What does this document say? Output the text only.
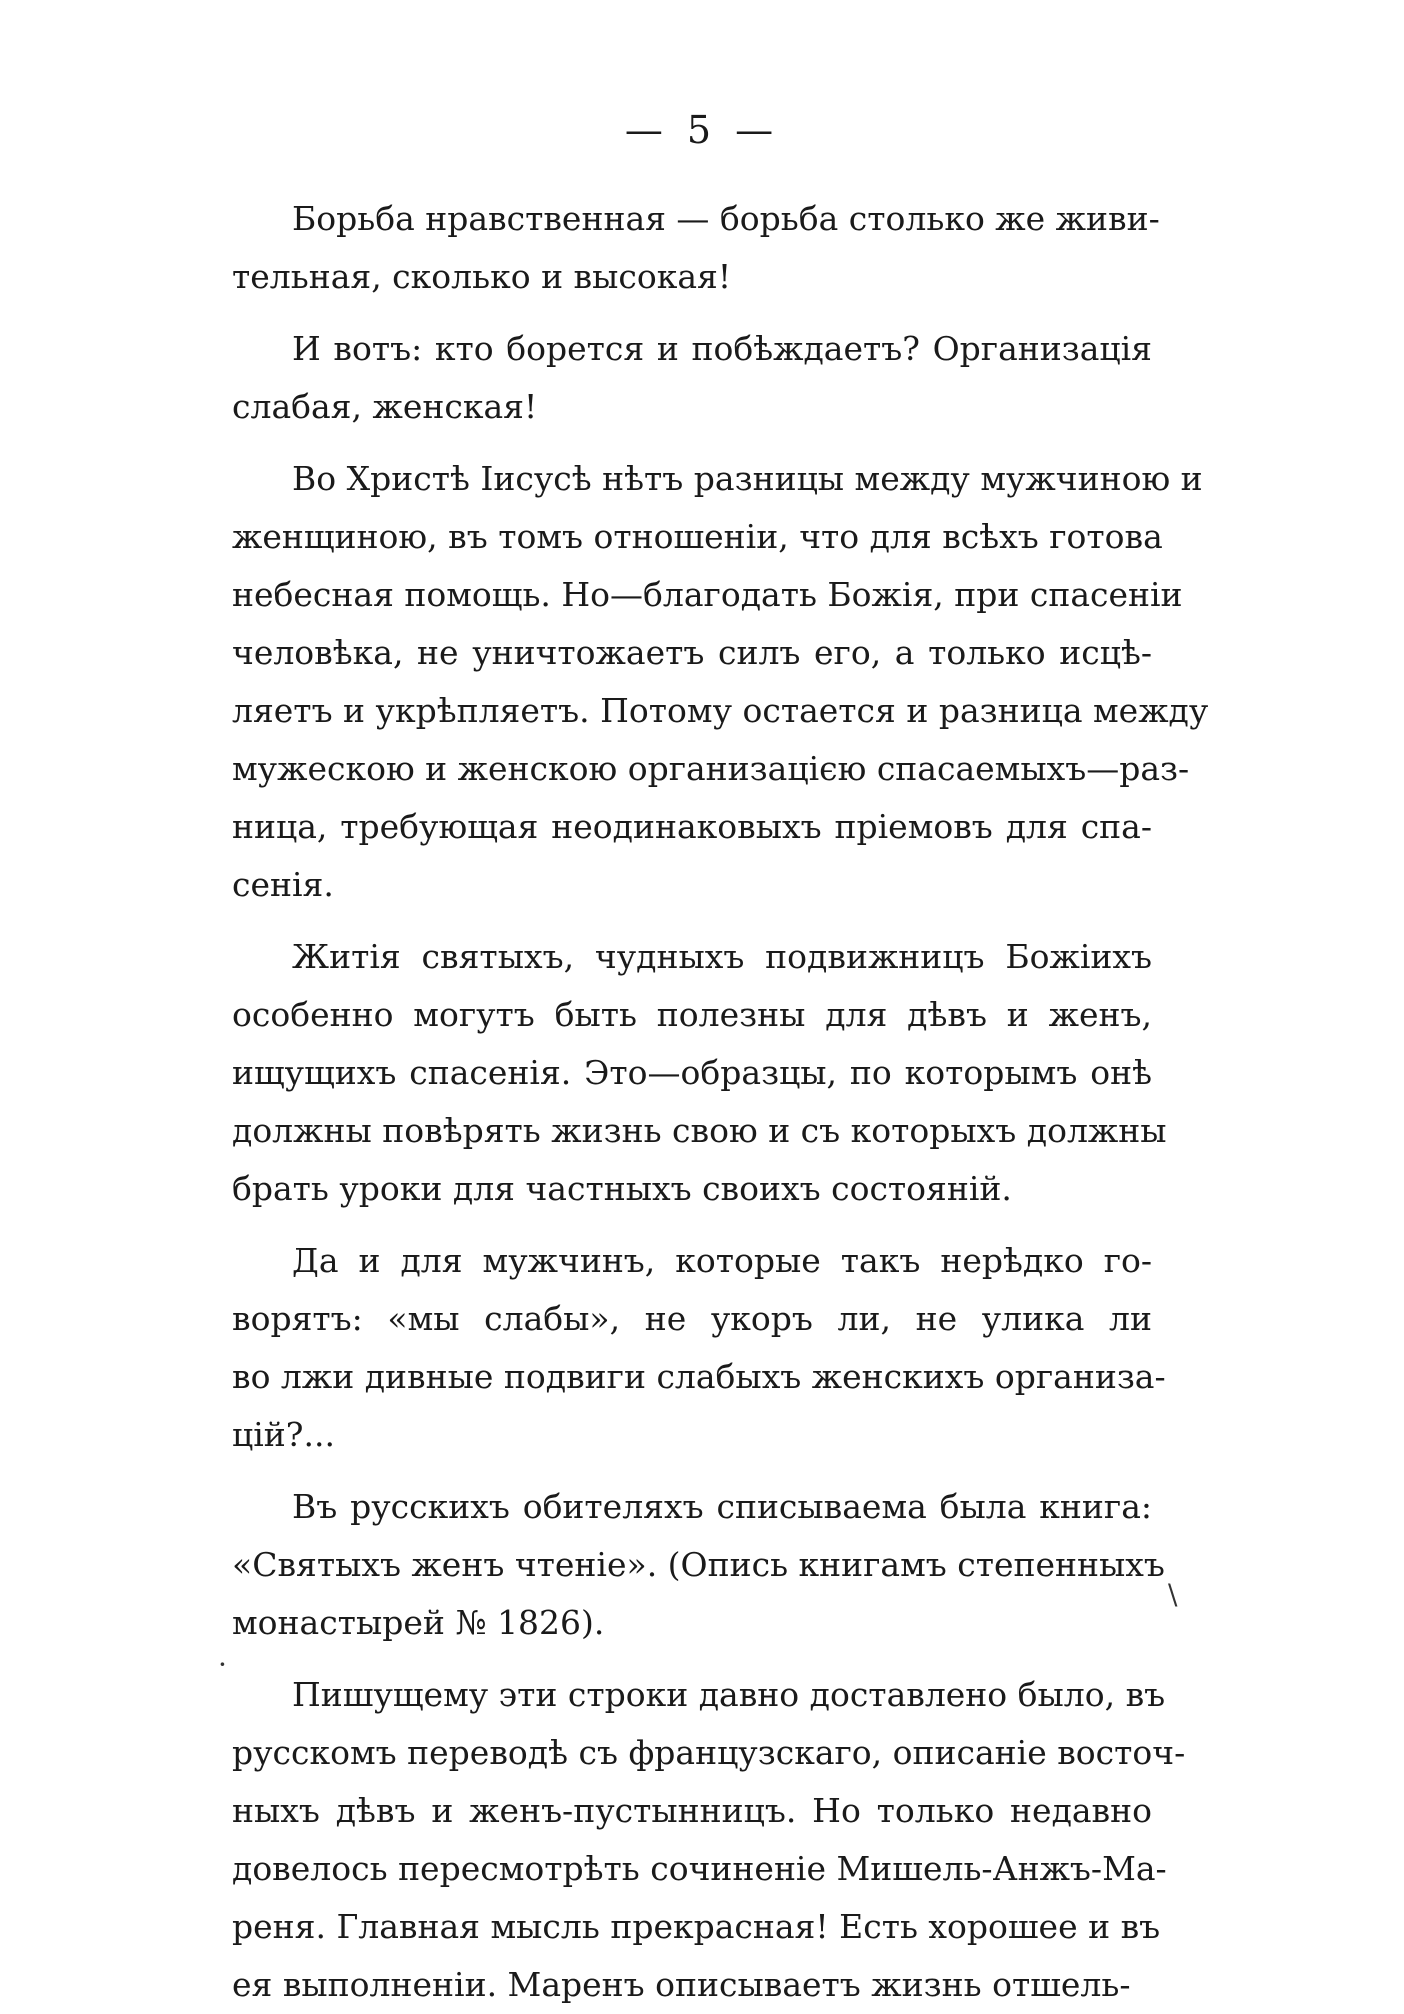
— 5 —
Борьба нравственная — борьба столько же живи-
тельная, сколько и высокая!
И вотъ: кто борется и побѣждаетъ? Организація
слабая, женская!
Во Христѣ Іисусѣ нѣтъ разницы между мужчиною и
женщиною, въ томъ отношеніи, что для всѣхъ готова
небесная помощь. Но—благодать Божія, при спасеніи
человѣка, не уничтожаетъ силъ его, а только исцѣ-
ляетъ и укрѣпляетъ. Потому остается и разница между
мужескою и женскою организацією спасаемыхъ—раз-
ница, требующая неодинаковыхъ пріемовъ для спа-
сенія.
Житія святыхъ, чудныхъ подвижницъ Божіихъ
особенно могутъ быть полезны для дѣвъ и женъ,
ищущихъ спасенія. Это—образцы, по которымъ онѣ
должны повѣрять жизнь свою и съ которыхъ должны
брать уроки для частныхъ своихъ состояній.
Да и для мужчинъ, которые такъ нерѣдко го-
ворятъ: «мы слабы», не укоръ ли, не улика ли
во лжи дивные подвиги слабыхъ женскихъ организа-
цій?...
Въ русскихъ обителяхъ списываема была книга:
«Святыхъ женъ чтеніе». (Опись книгамъ степенныхъ
монастырей № 1826).
Пишущему эти строки давно доставлено было, въ
русскомъ переводѣ съ французскаго, описаніе восточ-
ныхъ дѣвъ и женъ-пустынницъ. Но только недавно
довелось пересмотрѣть сочиненіе Мишель-Анжъ-Ма-
реня. Главная мысль прекрасная! Есть хорошее и въ
ея выполненіи. Маренъ описываетъ жизнь отшель-
·
\
